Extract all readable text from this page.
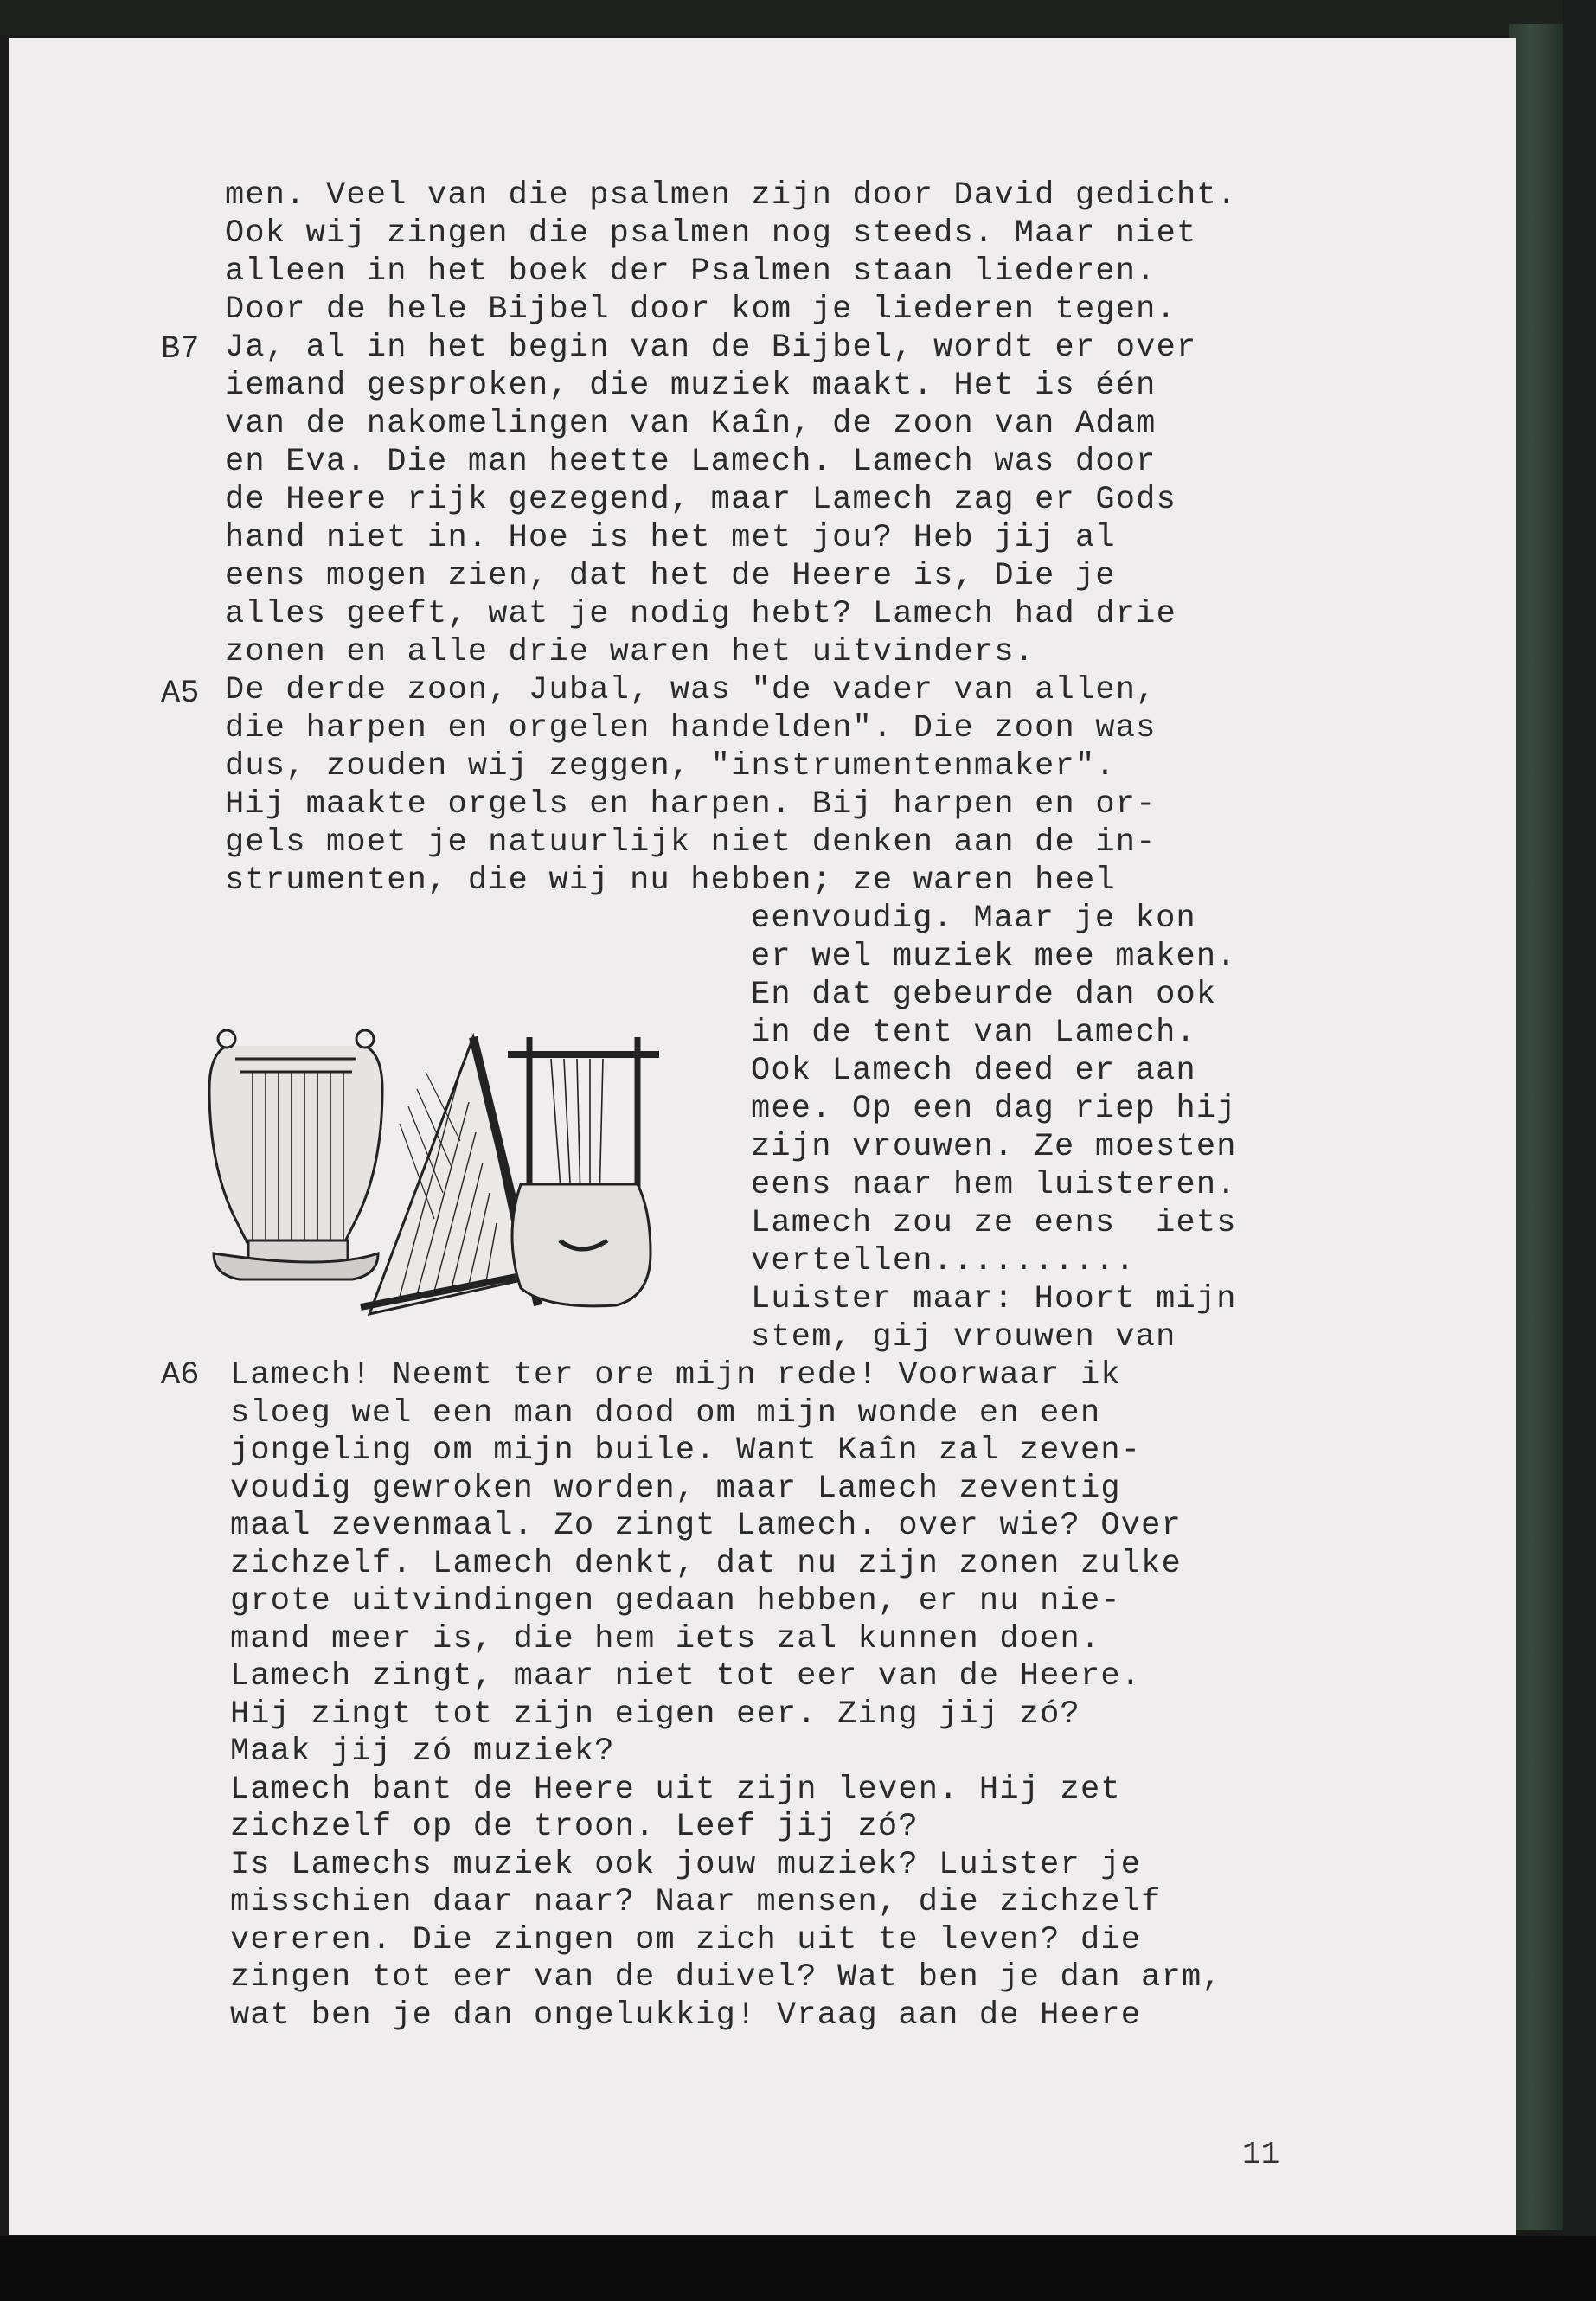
men. Veel van die psalmen zijn door David gedicht.

Ook wij zingen die psalmen nog steeds. Maar niet

alleen in het boek der Psalmen staan liederen.

Door de hele Bijbel door kom je liederen tegen.

Ja, al in het begin van de Bijbel, wordt er over

iemand gesproken, die muziek maakt. Het is één

van de nakomelingen van Kaîn, de zoon van Adam

en Eva. Die man heette Lamech. Lamech was door

de Heere rijk gezegend, maar Lamech zag er Gods

hand niet in. Hoe is het met jou? Heb jij al

eens mogen zien, dat het de Heere is, Die je

alles geeft, wat je nodig hebt? Lamech had drie

zonen en alle drie waren het uitvinders.

De derde zoon, Jubal, was "de vader van allen,

die harpen en orgelen handelden". Die zoon was

dus, zouden wij zeggen, "instrumentenmaker".

Hij maakte orgels en harpen. Bij harpen en or-

gels moet je natuurlijk niet denken aan de in-

strumenten, die wij nu hebben; ze waren heel

eenvoudig. Maar je kon

er wel muziek mee maken.

En dat gebeurde dan ook

in de tent van Lamech.

Ook Lamech deed er aan

mee. Op een dag riep hij

zijn vrouwen. Ze moesten

eens naar hem luisteren.

Lamech zou ze eens  iets

vertellen..........

Luister maar: Hoort mijn

stem, gij vrouwen van

Lamech! Neemt ter ore mijn rede! Voorwaar ik

sloeg wel een man dood om mijn wonde en een

jongeling om mijn buile. Want Kaîn zal zeven-

voudig gewroken worden, maar Lamech zeventig

maal zevenmaal. Zo zingt Lamech. over wie? Over

zichzelf. Lamech denkt, dat nu zijn zonen zulke

grote uitvindingen gedaan hebben, er nu nie-

mand meer is, die hem iets zal kunnen doen.

Lamech zingt, maar niet tot eer van de Heere.

Hij zingt tot zijn eigen eer. Zing jij zó?

Maak jij zó muziek?

Lamech bant de Heere uit zijn leven. Hij zet

zichzelf op de troon. Leef jij zó?

Is Lamechs muziek ook jouw muziek? Luister je

misschien daar naar? Naar mensen, die zichzelf

vereren. Die zingen om zich uit te leven? die

zingen tot eer van de duivel? Wat ben je dan arm,

wat ben je dan ongelukkig! Vraag aan de Heere

B7

A5

A6

11
